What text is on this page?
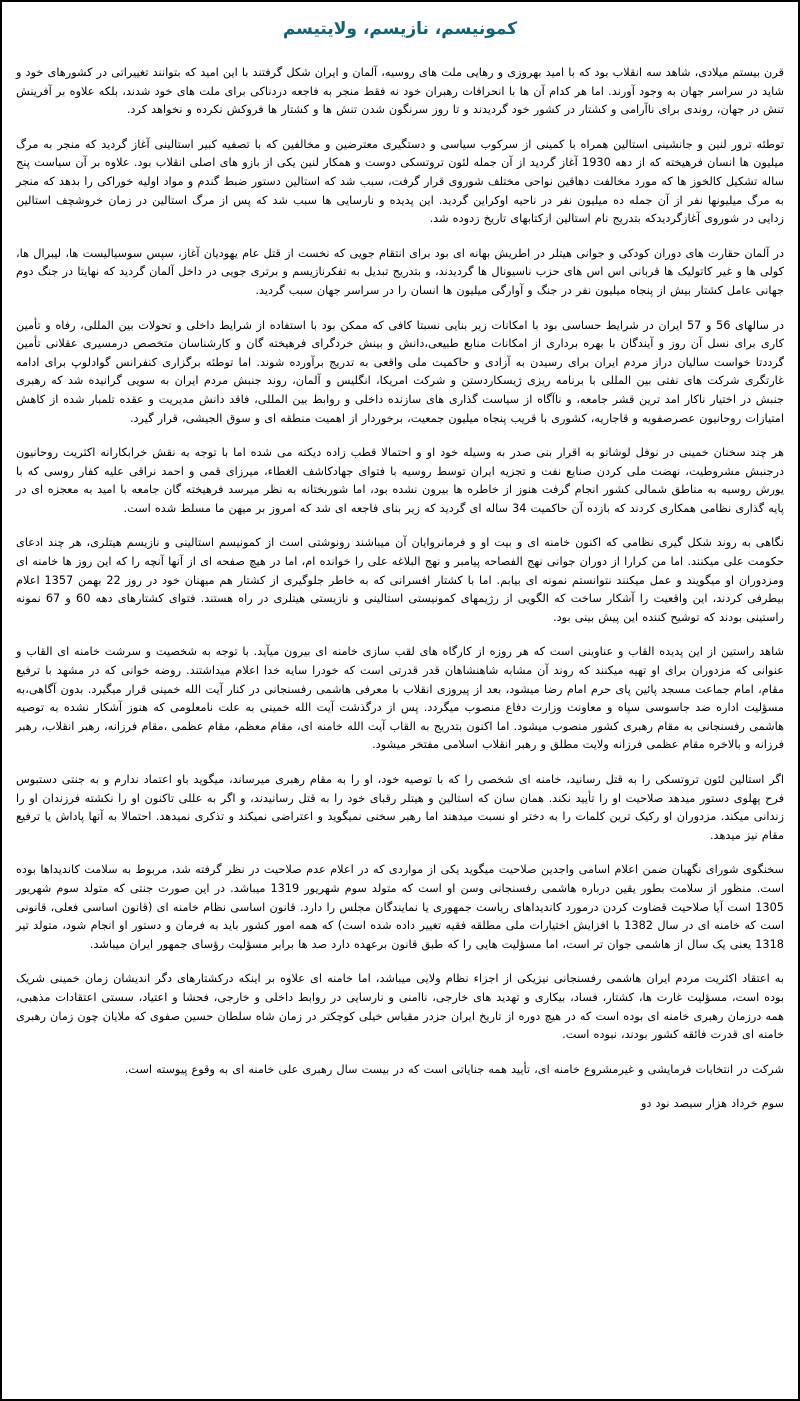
کمونیسم، نازیسم، ولایتیسم

قرن بیستم میلادی، شاهد سه انقلاب بود که با امید بهروزی و رهایی ملت های روسیه، آلمان و ایران شکل گرفتند با این امید که بتوانند تغییراتی در کشورهای خود و شاید در سراسر جهان به وجود آورند. اما هر کدام آن ها با انحرافات رهبران خود نه فقط منجر به فاجعه دردناکی برای ملت های خود شدند، بلکه علاوه بر آفرینش تنش در جهان، روندی برای ناآرامی و کشتار در کشور خود گردیدند و تا روز سرنگون شدن تنش ها و کشتار ها فروکش نکرده و نخواهد کرد.

توطئه ترور لنین و جانشینی استالین همراه با کمینی از سرکوب سیاسی و دستگیری معترضین و مخالفین که با تصفیه کبیر استالینی آغاز گردید که منجر به مرگ میلیون ها انسان فرهیخته که از دهه 1930 آغاز گردید از آن جمله لئون تروتسکی دوست و همکار لنین یکی از بازو های اصلی انقلاب بود. علاوه بر آن سیاست پنج ساله تشکیل کالخوز ها که مورد مخالفت دهاقین نواحی مختلف شوروی قرار گرفت، سبب شد که استالین دستور ضبط گندم و مواد اولیه خوراکی را بدهد که منجر به مرگ میلیونها نفر از آن جمله ده میلیون نفر در ناحیه اوکراین گردید. این پدیده و نارسایی ها سبب شد که پس از مرگ استالین در زمان خروشچف استالین زدایی در شوروی آغازگردیدکه بتدریج نام استالین ازکتابهای تاریخ زدوده شد.

در آلمان حقارت های دوران کودکی و جوانی هیتلر در اطریش بهانه ای بود برای انتقام جویی که نخست از قتل عام یهودیان آغاز، سپس سوسیالیست ها، لیبرال ها، کولی ها و غیر کاتولیک ها قربانی اس اس های حزب ناسیونال ها گردیدند، و بتدریج تبدیل به تفکرنازیسم و برتری جویی در داخل آلمان گردید که نهایتا در جنگ دوم جهانی عامل کشتار بیش از پنجاه میلیون نفر در جنگ و آوارگی میلیون ها انسان را در سراسر جهان سبب گردید.

در سالهای 56 و 57 ایران در شرایط حساسی بود با امکانات زیر بنایی نسبتا کافی که ممکن بود با استفاده از شرایط داخلی و تحولات بین المللی، رفاه و تأمین کاری برای نسل آن روز و آیندگان با بهره برداری از امکانات منابع طبیعی،دانش و بینش خردگرای فرهیخته گان و کارشناسان متخصص درمسیری عقلانی تأمین گرددتا خواست سالیان دراز مردم ایران برای رسیدن به آزادی و حاکمیت ملی واقعی به تدریج برآورده شوند. اما توطئه برگزاری کنفرانس گوادلوپ برای ادامه غارتگری شرکت های نفتی بین المللی با برنامه ریزی ژیسکاردستن و شرکت امریکا، انگلیس و آلمان، روند جنبش مردم ایران به سویی گرانیده شد که رهبری جنبش در اختیار ناکار امد ترین قشر جامعه، و ناآگاه از سیاست گذاری های سازنده داخلی و روابط بین المللی، فاقد دانش مدیریت و عقده تلمبار شده از کاهش امتیازات روحانیون عصرصفویه و قاجاریه، کشوری با قریب پنجاه میلیون جمعیت، برخوردار از اهمیت منطقه ای و سوق الجیشی، قرار گیرد.

هر چند سخنان خمینی در نوفل لوشاتو به اقرار بنی صدر به وسیله خود او و احتمالا قطب زاده دیکته می شده اما با توجه به نقش خرابکارانه اکثریت روحانیون درجنبش مشروطیت، نهضت ملی کردن صنایع نفت و تجزیه ایران توسط روسیه با فتوای جهادکاشف الغطاء، میرزای قمی و احمد نراقی علیه کفار روسی که با یورش روسیه به مناطق شمالی کشور انجام گرفت هنوز از خاطره ها بیرون نشده بود، اما شوربختانه به نظر میرسد فرهیخته گان جامعه با امید به معجزه ای در پایه گذاری نظامی همکاری کردند که بازده آن حاکمیت 34 ساله ای گردید که زیر بنای فاجعه ای شد که امروز بر میهن ما مسلط شده است.

نگاهی به روند شکل گیری نظامی که اکنون خامنه ای و بیت او و فرمانروایان آن میباشند رونوشتی است از کمونیسم استالینی و نازیسم هیتلری، هر چند ادعای حکومت علی میکنند. اما من کرارا از دوران جوانی نهج الفصاحه پیامبر و نهج البلاغه علی را خوانده ام، اما در هیچ صفحه ای از آنها آنچه را که این روز ها خامنه ای ومزدوران او میگویند و عمل میکنند نتوانستم نمونه ای بیابم. اما با کشتار افسرانی که به خاطر جلوگیری از کشتار هم میهنان خود در روز 22 بهمن 1357 اعلام بیطرفی کردند، این واقعیت را آشکار ساخت که الگویی از رژیمهای کمونیستی استالینی و نازیستی هیتلری در راه هستند. فتوای کشتارهای دهه 60 و 67 نمونه راستینی بودند که توشیح کننده این پیش بینی بود.

شاهد راستین از این پدیده القاب و عناوینی است که هر روزه از کارگاه های لقب سازی خامنه ای بیرون میآید. با توجه به شخصیت و سرشت خامنه ای القاب و عنوانی که مزدوران برای او تهیه میکنند که روند آن مشابه شاهنشاهان قدر قدرتی است که خودرا سایه خدا اعلام میداشتند. روضه خوانی که در مشهد با ترفیع مقام، امام جماعت مسجد پائین پای حرم امام رضا میشود، بعد از پیروزی انقلاب با معرفی هاشمی رفسنجانی در کنار آیت الله خمینی قرار میگیرد. بدون آگاهی،به مسؤلیت اداره ضد جاسوسی سپاه و معاونت وزارت دفاع منصوب میگردد. پس از درگذشت آیت الله خمینی به علت نامعلومی که هنوز آشکار نشده به توصیه هاشمی رفسنجانی به مقام رهبری کشور منصوب میشود. اما اکنون بتدریج به القاب آیت الله خامنه ای، مقام معظم، مقام عظمی ،مقام فرزانه، رهبر انقلاب، رهبر فرزانه و بالاخره مقام عظمی فرزانه ولایت مطلق و رهبر انقلاب اسلامی مفتخر میشود.

اگر استالین لئون تروتسکی را به قتل رسانید، خامنه ای شخصی را که با توصیه خود، او را به مقام رهبری میرساند، میگوید باو اعتماد ندارم و به جنتی دستبوس فرح پهلوی دستور میدهد صلاحیت او را تأیید نکند. همان سان که استالین و هیتلر رقبای خود را به قتل رسانیدند، و اگر به عللی تاکنون او را نکشته فرزندان او را زندانی میکند. مزدوران او رکیک ترین کلمات را به دختر او نسبت میدهند اما رهبر سخنی نمیگوید و اعتراضی نمیکند و تذکری نمیدهد. احتمالا به آنها پاداش یا ترفیع مقام نیز میدهد.

سخنگوی شورای نگهبان ضمن اعلام اسامی واجدین صلاحیت میگوید یکی از مواردی که در اعلام عدم صلاحیت در نظر گرفته شد، مربوط به سلامت کاندیداها بوده است. منظور از سلامت بطور یقین درباره هاشمی رفسنجانی وسن او است که متولد سوم شهریور 1319 میباشد. در این صورت جنتی که متولد سوم شهریور 1305 است آیا صلاحیت قضاوت کردن درمورد کاندیداهای ریاست جمهوری یا نمایندگان مجلس را دارد. قانون اساسی نظام خامنه ای (قانون اساسی فعلی، قانونی است که خامنه ای در سال 1382 با افزایش اختیارات ملی مطلقه فقیه تغییر داده شده است) که همه امور کشور باید به فرمان و دستور او انجام شود، متولد تیر 1318 یعنی یک سال از هاشمی جوان تر است، اما مسؤلیت هایی را که طبق قانون برعهده دارد صد ها برابر مسؤلیت رؤسای جمهور ایران میباشد.

به اعتقاد اکثریت مردم ایران هاشمی رفسنجانی نیزیکی از اجزاء نظام ولایی میباشد، اما خامنه ای علاوه بر اینکه درکشتارهای دگر اندیشان زمان خمینی شریک بوده است، مسؤلیت غارت ها، کشتار، فساد، بیکاری و تهدید های خارجی، ناامنی و نارسایی در روابط داخلی و خارجی، فحشا و اعتیاد، سستی اعتقادات مذهبی، همه درزمان رهبری خامنه ای بوده است که در هیچ دوره از تاریخ ایران جزدر مقیاس خیلی کوچکتر در زمان شاه سلطان حسین صفوی که ملایان چون زمان رهبری خامنه ای قدرت فائقه کشور بودند، نبوده است.

شرکت در انتخابات فرمایشی و غیرمشروع خامنه ای، تأیید همه جنایاتی است که در بیست سال رهبری علی خامنه ای به وقوع پیوسته است.

سوم خرداد هزار سیصد نود دو
